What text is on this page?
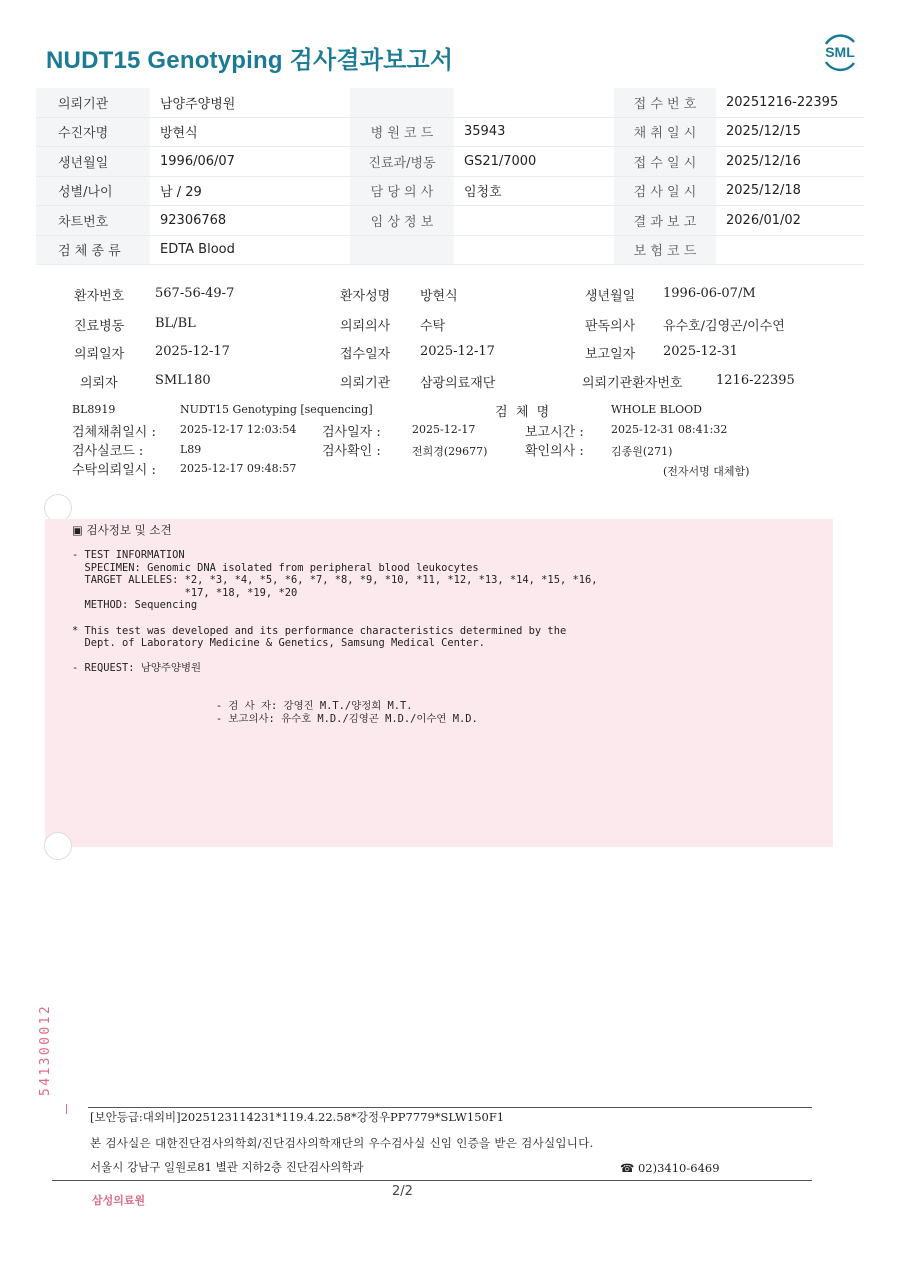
NUDT15 Genotyping 검사결과보고서	SML
의뢰기관	남양주양병원			접 수 번 호	20251216-22395
수진자명	방현식	병 원 코 드	35943	채 취 일 시	2025/12/15
생년월일	1996/06/07	진료과/병동	GS21/7000	접 수 일 시	2025/12/16
성별/나이	남 / 29	담 당 의 사	임청호	검 사 일 시	2025/12/18
차트번호	92306768	임 상 정 보		결 과 보 고	2026/01/02
검 체 종 류	EDTA Blood			보 험 코 드	
환자번호 567-56-49-7	환자성명 방현식	생년월일 1996-06-07/M
진료병동 BL/BL	의뢰의사 수탁	판독의사 유수호/김영곤/이수연
의뢰일자 2025-12-17	접수일자 2025-12-17	보고일자 2025-12-31
의뢰자	SML180	의뢰기관 삼광의료재단	의뢰기관환자번호	1216-22395
BL8919	NUDT15 Genotyping [sequencing]	검  체  명	WHOLE BLOOD
검체채취일시 : 2025-12-17 12:03:54 검사일자 :	2025-12-17	보고시간 : 2025-12-31 08:41:32
검사실코드 :	L89	검사확인 :	전희경(29677)	확인의사 : 김종원(271)
수탁의뢰일시 : 2025-12-17 09:48:57	(전자서명 대체함)
▣ 검사정보 및 소견
- TEST INFORMATION
SPECIMEN: Genomic DNA isolated from peripheral blood leukocytes
TARGET ALLELES: *2, *3, *4, *5, *6, *7, *8, *9, *10, *11, *12, *13, *14, *15, *16,
*17, *18, *19, *20
METHOD: Sequencing

* This test was developed and its performance characteristics determined by the
Dept. of Laboratory Medicine & Genetics, Samsung Medical Center.

- REQUEST: 남양주양병원

- 검 사 자: 강영진 M.T./양정희 M.T.
- 보고의사: 유수호 M.D./김영곤 M.D./이수연 M.D.
541300012
[보안등급:대외비]2025123114231*119.4.22.58*강정우PP7779*SLW150F1
본 검사실은 대한진단검사의학회/진단검사의학재단의 우수검사실 신임 인증을 받은 검사실입니다.
서울시 강남구 일원로81 별관 지하2층 진단검사의학과	☎ 02)3410-6469
삼성의료원
2/2
